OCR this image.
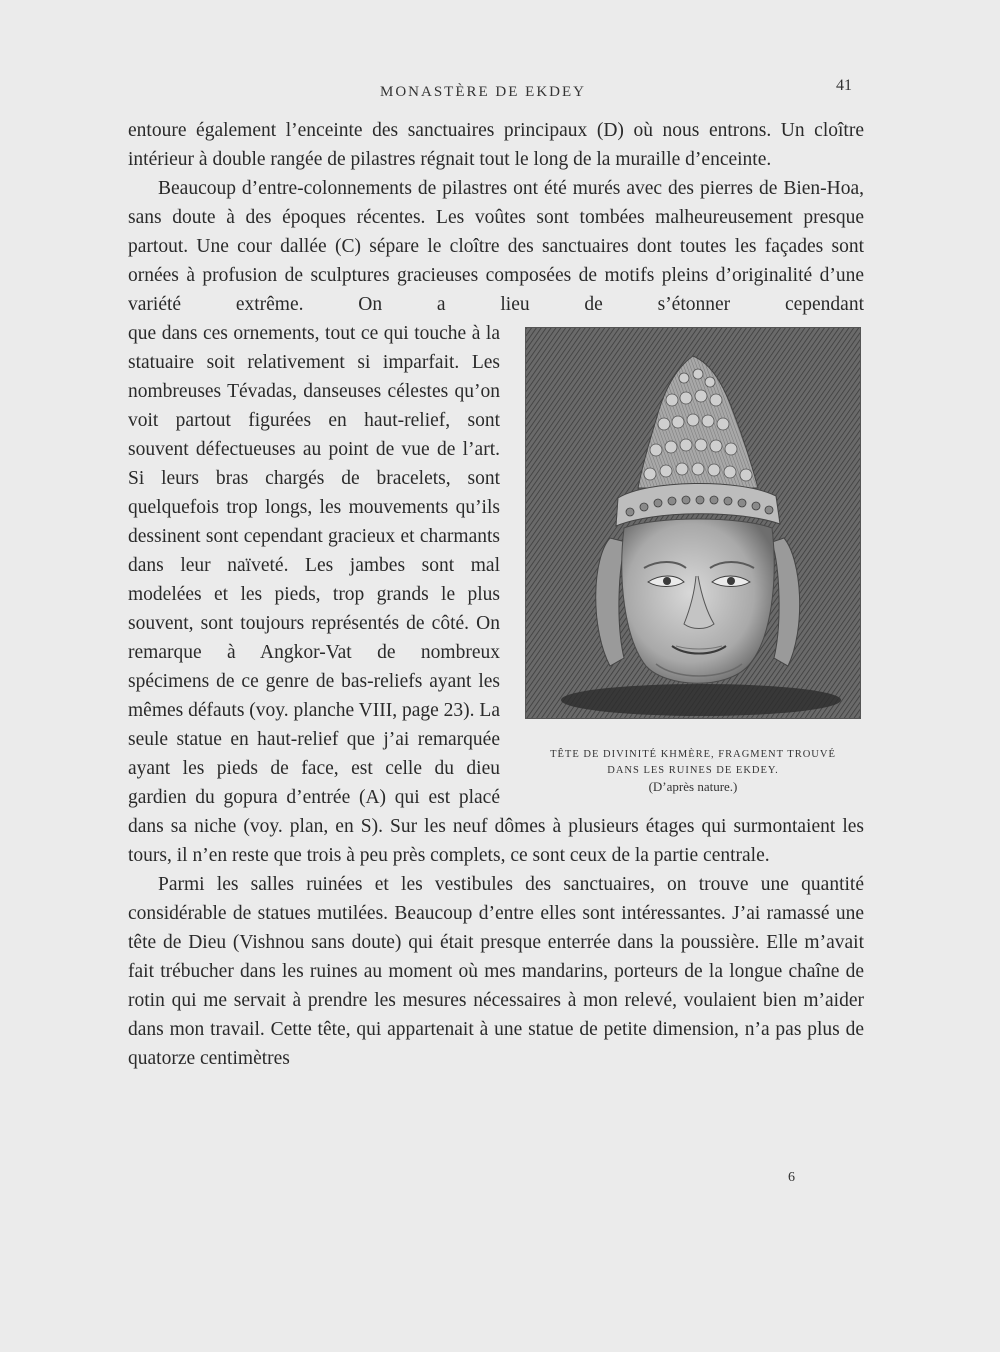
MONASTÈRE DE EKDEY	41

entoure également l’enceinte des sanctuaires principaux (D) où nous entrons. Un cloître intérieur à double rangée de pilastres régnait tout le long de la muraille d’enceinte.

Beaucoup d’entre-colonnements de pilastres ont été murés avec des pierres de Bien-Hoa, sans doute à des époques récentes. Les voûtes sont tombées malheureusement presque partout. Une cour dallée (C) sépare le cloître des sanctuaires dont toutes les façades sont ornées à profusion de sculptures gracieuses composées de motifs pleins d’originalité d’une variété extrême. On a lieu de s’étonner cependant

TÊTE DE DIVINITÉ KHMÈRE, FRAGMENT TROUVÉ
DANS LES RUINES DE EKDEY.
(D’après nature.)

que dans ces ornements, tout ce qui touche à la statuaire soit relativement si imparfait. Les nombreuses Tévadas, danseuses célestes qu’on voit partout figurées en haut-relief, sont souvent défectueuses au point de vue de l’art. Si leurs bras chargés de bracelets, sont quelquefois trop longs, les mouvements qu’ils dessinent sont cependant gracieux et charmants dans leur naïveté. Les jambes sont mal modelées et les pieds, trop grands le plus souvent, sont toujours représentés de côté. On remarque à Angkor-Vat de nombreux spécimens de ce genre de bas-reliefs ayant les mêmes défauts (voy. planche VIII, page 23). La seule statue en haut-relief que j’ai remarquée ayant les pieds de face, est celle du dieu gardien du gopura d’entrée (A) qui est placé dans sa niche (voy. plan, en S). Sur les neuf dômes à plusieurs étages qui surmontaient les tours, il n’en reste que trois à peu près complets, ce sont ceux de la partie centrale.

Parmi les salles ruinées et les vestibules des sanctuaires, on trouve une quantité considérable de statues mutilées. Beaucoup d’entre elles sont intéressantes. J’ai ramassé une tête de Dieu (Vishnou sans doute) qui était presque enterrée dans la poussière. Elle m’avait fait trébucher dans les ruines au moment où mes mandarins, porteurs de la longue chaîne de rotin qui me servait à prendre les mesures nécessaires à mon relevé, voulaient bien m’aider dans mon travail. Cette tête, qui appartenait à une statue de petite dimension, n’a pas plus de quatorze centimètres

6
